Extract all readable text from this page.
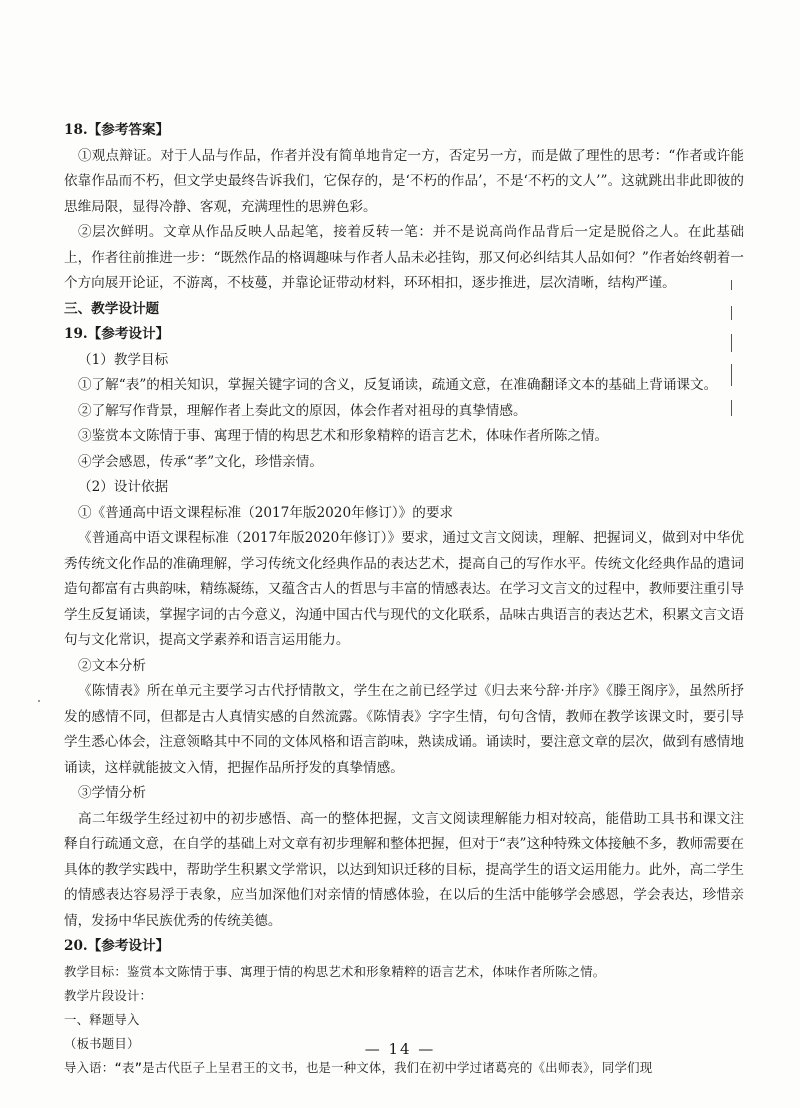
18.【参考答案】

①观点辩证。对于人品与作品，作者并没有简单地肯定一方，否定另一方，而是做了理性的思考：“作者或许能依靠作品而不朽，但文学史最终告诉我们，它保存的，是‘不朽的作品’，不是‘不朽的文人’”。这就跳出非此即彼的思维局限，显得冷静、客观，充满理性的思辨色彩。

②层次鲜明。文章从作品反映人品起笔，接着反转一笔：并不是说高尚作品背后一定是脱俗之人。在此基础上，作者往前推进一步：“既然作品的格调趣味与作者人品未必挂钩，那又何必纠结其人品如何？”作者始终朝着一个方向展开论证，不游离，不枝蔓，并靠论证带动材料，环环相扣，逐步推进，层次清晰，结构严谨。

三、教学设计题

19.【参考设计】

（1）教学目标

①了解“表”的相关知识，掌握关键字词的含义，反复诵读，疏通文意，在准确翻译文本的基础上背诵课文。

②了解写作背景，理解作者上奏此文的原因，体会作者对祖母的真挚情感。

③鉴赏本文陈情于事、寓理于情的构思艺术和形象精粹的语言艺术，体味作者所陈之情。

④学会感恩，传承“孝”文化，珍惜亲情。

（2）设计依据

①《普通高中语文课程标准（2017年版2020年修订）》的要求

《普通高中语文课程标准（2017年版2020年修订）》要求，通过文言文阅读，理解、把握词义，做到对中华优秀传统文化作品的准确理解，学习传统文化经典作品的表达艺术，提高自己的写作水平。传统文化经典作品的遣词造句都富有古典韵味，精练凝练，又蕴含古人的哲思与丰富的情感表达。在学习文言文的过程中，教师要注重引导学生反复诵读，掌握字词的古今意义，沟通中国古代与现代的文化联系，品味古典语言的表达艺术，积累文言文语句与文化常识，提高文学素养和语言运用能力。

②文本分析

《陈情表》所在单元主要学习古代抒情散文，学生在之前已经学过《归去来兮辞·并序》《滕王阁序》，虽然所抒发的感情不同，但都是古人真情实感的自然流露。《陈情表》字字生情，句句含情，教师在教学该课文时，要引导学生悉心体会，注意领略其中不同的文体风格和语言韵味，熟读成诵。诵读时，要注意文章的层次，做到有感情地诵读，这样就能披文入情，把握作品所抒发的真挚情感。

③学情分析

高二年级学生经过初中的初步感悟、高一的整体把握，文言文阅读理解能力相对较高，能借助工具书和课文注释自行疏通文意，在自学的基础上对文章有初步理解和整体把握，但对于“表”这种特殊文体接触不多，教师需要在具体的教学实践中，帮助学生积累文学常识，以达到知识迁移的目标，提高学生的语文运用能力。此外，高二学生的情感表达容易浮于表象，应当加深他们对亲情的情感体验，在以后的生活中能够学会感恩，学会表达，珍惜亲情，发扬中华民族优秀的传统美德。

20.【参考设计】

教学目标：鉴赏本文陈情于事、寓理于情的构思艺术和形象精粹的语言艺术，体味作者所陈之情。

教学片段设计：

一、释题导入

（板书题目）

导入语：“表”是古代臣子上呈君王的文书，也是一种文体，我们在初中学过诸葛亮的《出师表》，同学们现

— 14 —
